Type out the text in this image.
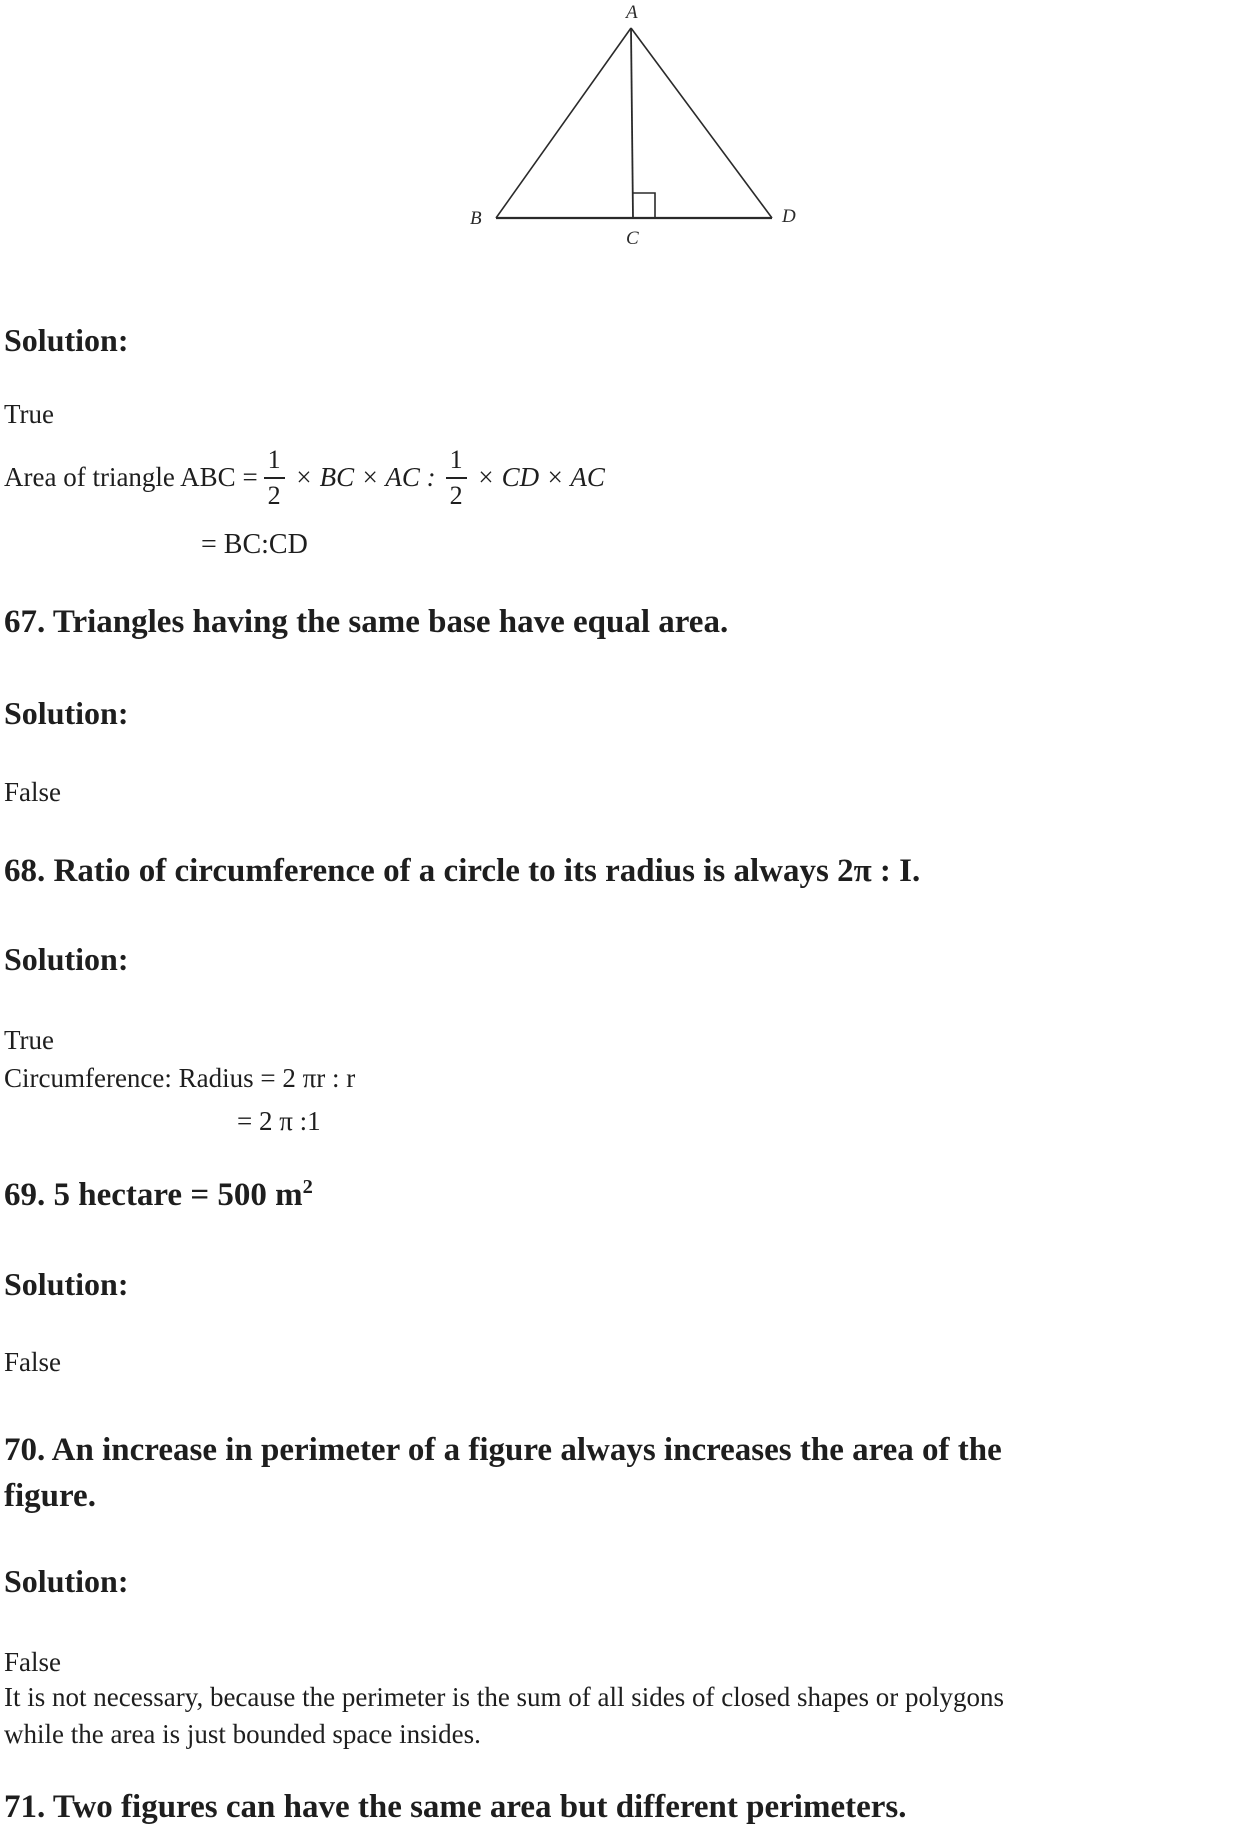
A
B
C
D
Solution:
True
Area of triangle ABC = $\frac{1}{2}$ × BC × AC : $\frac{1}{2}$ × CD × AC
= BC:CD
67. Triangles having the same base have equal area.
Solution:
False
68. Ratio of circumference of a circle to its radius is always 2π : I.
Solution:
True
Circumference: Radius = 2 πr : r
= 2 π :1
69. 5 hectare = 500 $m^2$
Solution:
False
70. An increase in perimeter of a figure always increases the area of the
figure.
Solution:
False
It is not necessary, because the perimeter is the sum of all sides of closed shapes or polygons
while the area is just bounded space insides.
71. Two figures can have the same area but different perimeters.
